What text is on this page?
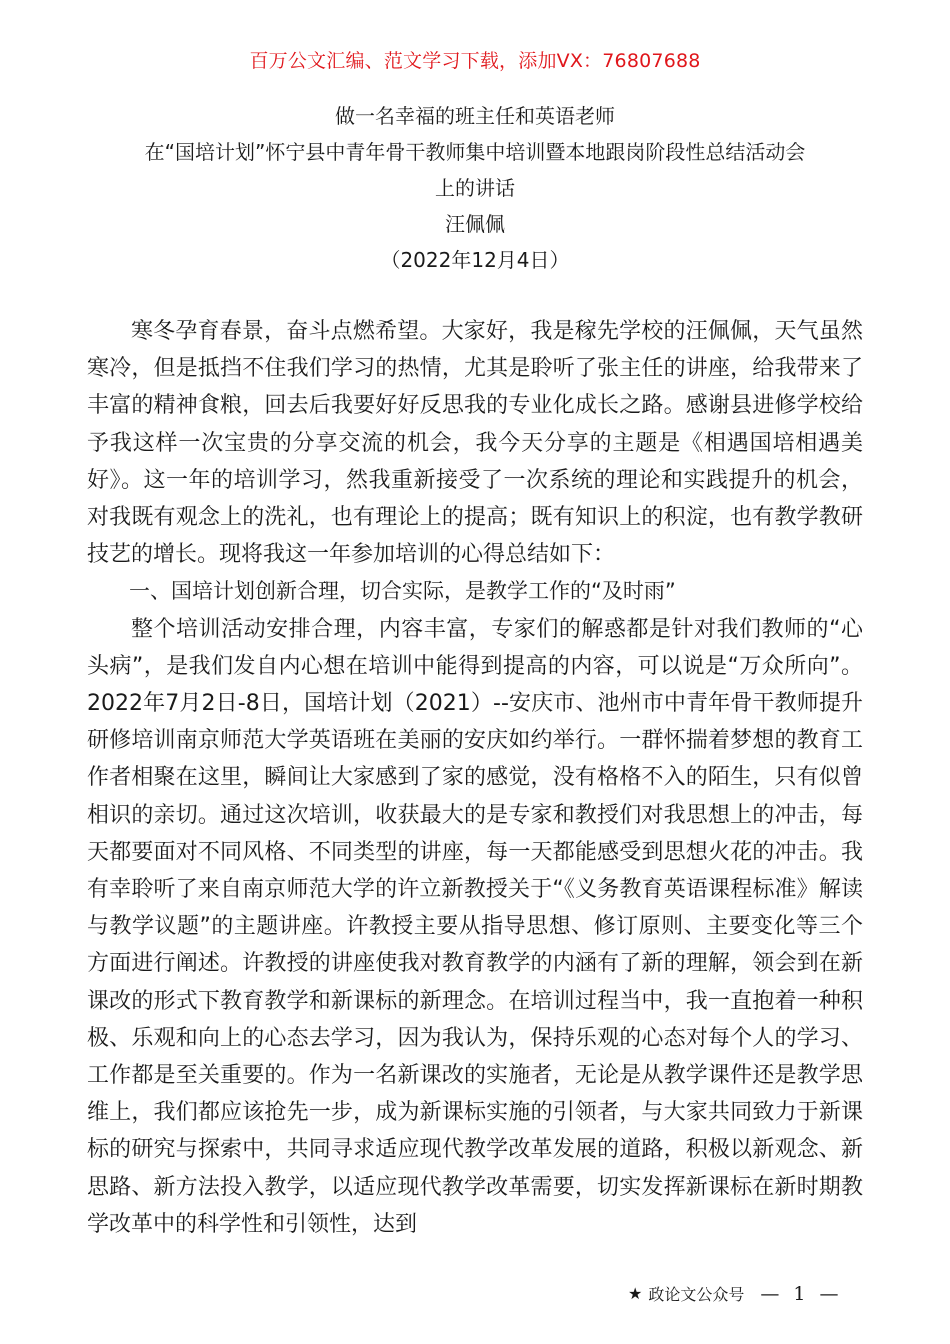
百万公文汇编、范文学习下载，添加VX：76807688
做一名幸福的班主任和英语老师
在“国培计划”怀宁县中青年骨干教师集中培训暨本地跟岗阶段性总结活动会
上的讲话
汪佩佩
（2022年12月4日）

寒冬孕育春景，奋斗点燃希望。大家好，我是稼先学校的汪佩佩，天气虽然寒冷，但是抵挡不住我们学习的热情，尤其是聆听了张主任的讲座，给我带来了丰富的精神食粮，回去后我要好好反思我的专业化成长之路。感谢县进修学校给予我这样一次宝贵的分享交流的机会，我今天分享的主题是《相遇国培相遇美好》。这一年的培训学习，然我重新接受了一次系统的理论和实践提升的机会，对我既有观念上的洗礼，也有理论上的提高；既有知识上的积淀，也有教学教研技艺的增长。现将我这一年参加培训的心得总结如下：

一、国培计划创新合理，切合实际，是教学工作的“及时雨”

整个培训活动安排合理，内容丰富，专家们的解惑都是针对我们教师的“心头病”，是我们发自内心想在培训中能得到提高的内容，可以说是“万众所向”。2022年7月2日-8日，国培计划（2021）--安庆市、池州市中青年骨干教师提升研修培训南京师范大学英语班在美丽的安庆如约举行。一群怀揣着梦想的教育工作者相聚在这里，瞬间让大家感到了家的感觉，没有格格不入的陌生，只有似曾相识的亲切。通过这次培训，收获最大的是专家和教授们对我思想上的冲击，每天都要面对不同风格、不同类型的讲座，每一天都能感受到思想火花的冲击。我有幸聆听了来自南京师范大学的许立新教授关于“《义务教育英语课程标准》解读与教学议题”的主题讲座。许教授主要从指导思想、修订原则、主要变化等三个方面进行阐述。许教授的讲座使我对教育教学的内涵有了新的理解，领会到在新课改的形式下教育教学和新课标的新理念。在培训过程当中，我一直抱着一种积极、乐观和向上的心态去学习，因为我认为，保持乐观的心态对每个人的学习、工作都是至关重要的。作为一名新课改的实施者，无论是从教学课件还是教学思维上，我们都应该抢先一步，成为新课标实施的引领者，与大家共同致力于新课标的研究与探索中，共同寻求适应现代教学改革发展的道路，积极以新观念、新思路、新方法投入教学，以适应现代教学改革需要，切实发挥新课标在新时期教学改革中的科学性和引领性，达到

★ 政论文公众号 — 1 —
